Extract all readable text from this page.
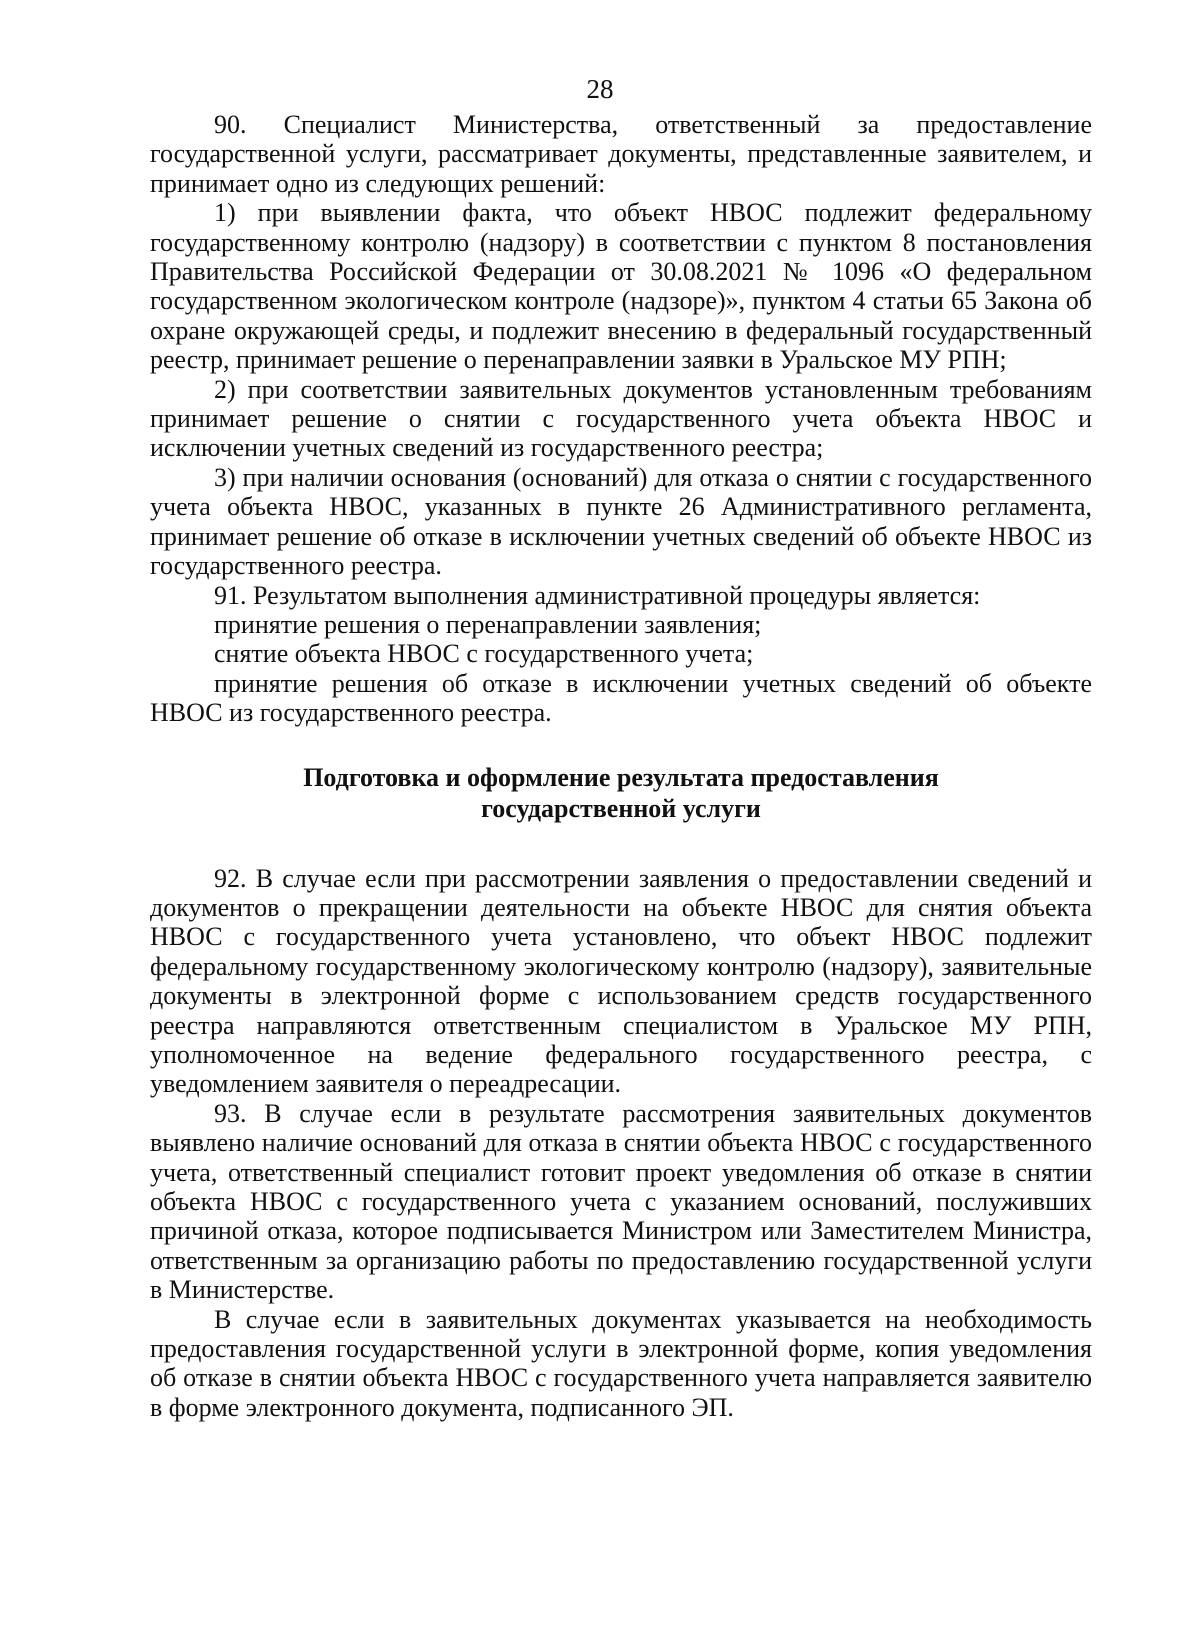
28

90. Специалист Министерства, ответственный за предоставление государственной услуги, рассматривает документы, представленные заявителем, и принимает одно из следующих решений:

1) при выявлении факта, что объект НВОС подлежит федеральному государственному контролю (надзору) в соответствии с пунктом 8 постановления Правительства Российской Федерации от 30.08.2021 № 1096 «О федеральном государственном экологическом контроле (надзоре)», пунктом 4 статьи 65 Закона об охране окружающей среды, и подлежит внесению в федеральный государственный реестр, принимает решение о перенаправлении заявки в Уральское МУ РПН;

2) при соответствии заявительных документов установленным требованиям принимает решение о снятии с государственного учета объекта НВОС и исключении учетных сведений из государственного реестра;

3) при наличии основания (оснований) для отказа о снятии с государственного учета объекта НВОС, указанных в пункте 26 Административного регламента, принимает решение об отказе в исключении учетных сведений об объекте НВОС из государственного реестра.

91. Результатом выполнения административной процедуры является:

принятие решения о перенаправлении заявления;

снятие объекта НВОС с государственного учета;

принятие решения об отказе в исключении учетных сведений об объекте НВОС из государственного реестра.

Подготовка и оформление результата предоставления
государственной услуги

92. В случае если при рассмотрении заявления о предоставлении сведений и документов о прекращении деятельности на объекте НВОС для снятия объекта НВОС с государственного учета установлено, что объект НВОС подлежит федеральному государственному экологическому контролю (надзору), заявительные документы в электронной форме с использованием средств государственного реестра направляются ответственным специалистом в Уральское МУ РПН, уполномоченное на ведение федерального государственного реестра, с уведомлением заявителя о переадресации.

93. В случае если в результате рассмотрения заявительных документов выявлено наличие оснований для отказа в снятии объекта НВОС с государственного учета, ответственный специалист готовит проект уведомления об отказе в снятии объекта НВОС с государственного учета с указанием оснований, послуживших причиной отказа, которое подписывается Министром или Заместителем Министра, ответственным за организацию работы по предоставлению государственной услуги в Министерстве.

В случае если в заявительных документах указывается на необходимость предоставления государственной услуги в электронной форме, копия уведомления об отказе в снятии объекта НВОС с государственного учета направляется заявителю в форме электронного документа, подписанного ЭП.
